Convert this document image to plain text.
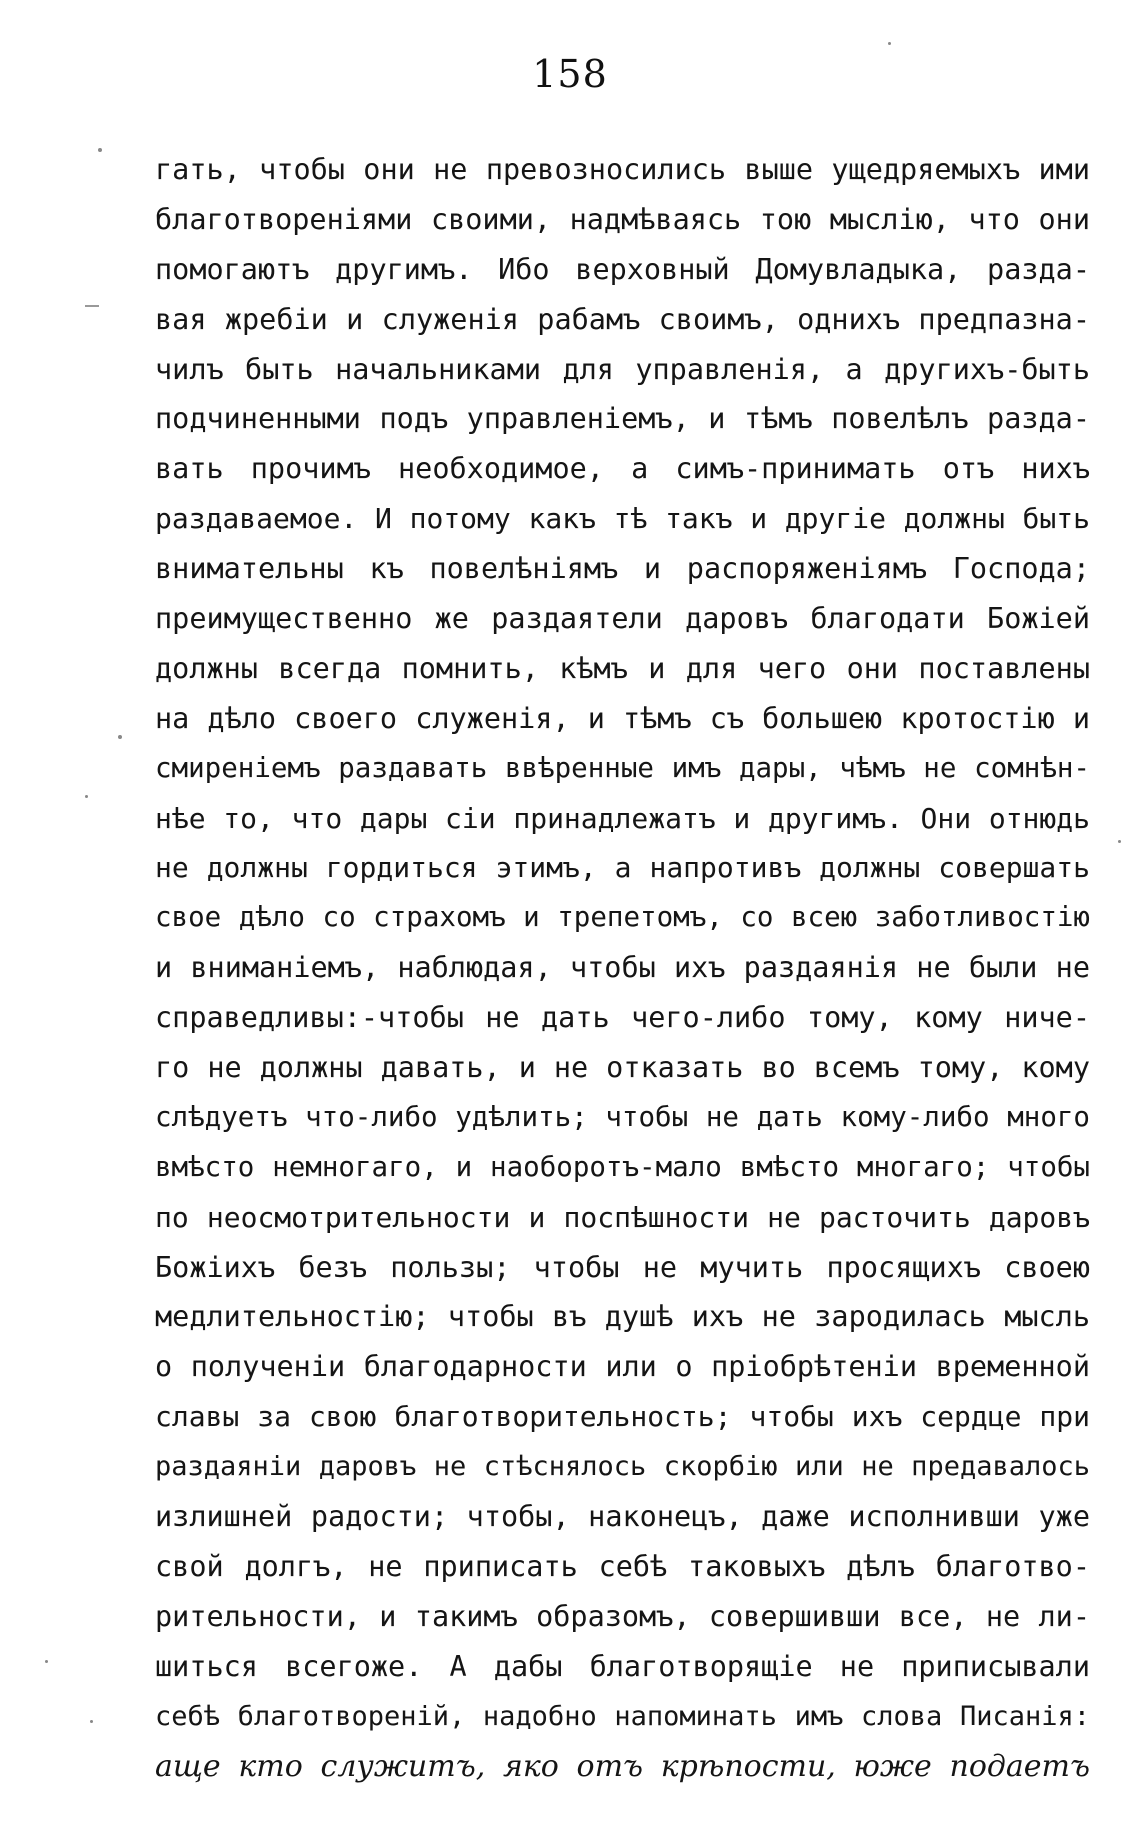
158
гать, чтобы они не превозносились выше ущедряемыхъ ими
благотвореніями своими, надмѣваясь тою мыслію, что они
помогаютъ другимъ. Ибо верховный Домувладыка, разда-
вая жребіи и служенія рабамъ своимъ, однихъ предпазна-
чилъ быть начальниками для управленія, а другихъ-быть
подчиненными подъ управленіемъ, и тѣмъ повелѣлъ разда-
вать прочимъ необходимое, а симъ-принимать отъ нихъ
раздаваемое. И потому какъ тѣ такъ и другіе должны быть
внимательны къ повелѣніямъ и распоряженіямъ Господа;
преимущественно же раздаятели даровъ благодати Божіей
должны всегда помнить, кѣмъ и для чего они поставлены
на дѣло своего служенія, и тѣмъ съ большею кротостію и
смиреніемъ раздавать ввѣренные имъ дары, чѣмъ не сомнѣн-
нѣе то, что дары сіи принадлежатъ и другимъ. Они отнюдь
не должны гордиться этимъ, а напротивъ должны совершать
свое дѣло со страхомъ и трепетомъ, со всею заботливостію
и вниманіемъ, наблюдая, чтобы ихъ раздаянія не были не
справедливы:-чтобы не дать чего-либо тому, кому ниче-
го не должны давать, и не отказать во всемъ тому, кому
слѣдуетъ что-либо удѣлить; чтобы не дать кому-либо много
вмѣсто немногаго, и наоборотъ-мало вмѣсто многаго; чтобы
по неосмотрительности и поспѣшности не расточить даровъ
Божіихъ безъ пользы; чтобы не мучить просящихъ своею
медлительностію; чтобы въ душѣ ихъ не зародилась мысль
о полученіи благодарности или о пріобрѣтеніи временной
славы за свою благотворительность; чтобы ихъ сердце при
раздаяніи даровъ не стѣснялось скорбію или не предавалось
излишней радости; чтобы, наконецъ, даже исполнивши уже
свой долгъ, не приписать себѣ таковыхъ дѣлъ благотво-
рительности, и такимъ образомъ, совершивши все, не ли-
шиться всегоже. А дабы благотворящіе не приписывали
себѣ благотвореній, надобно напоминать имъ слова Писанія:
аще кто служитъ, яко отъ крѣпости, юже подаетъ
